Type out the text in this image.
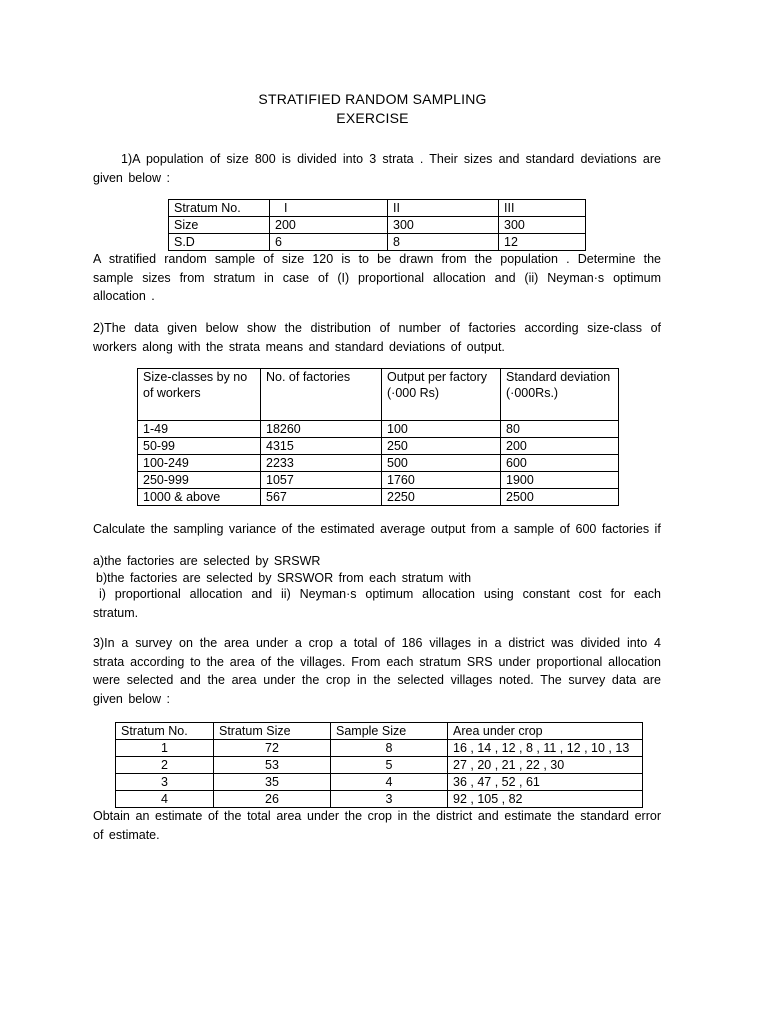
STRATIFIED RANDOM SAMPLING
EXERCISE
1)A population of size 800 is divided into 3 strata . Their sizes and standard deviations are given below :
Stratum No.	I	II	III
Size	200	300	300
S.D	6	8	12
A stratified random sample of size 120 is to be drawn from the population . Determine the sample sizes from stratum in case of (I) proportional allocation and (ii) Neyman·s optimum allocation .
2)The data given below show the distribution of number of factories according size-class of workers along with the strata means and standard deviations of output.
Size-classes by no of workers	No. of factories	Output per factory (·000 Rs)	Standard deviation (·000Rs.)
1-49	18260	100	80
50-99	4315	250	200
100-249	2233	500	600
250-999	1057	1760	1900
1000 & above	567	2250	2500
Calculate the sampling variance of the estimated average output from a sample of 600 factories if
a)the factories are selected by SRSWR
b)the factories are selected by SRSWOR from each stratum with
i) proportional allocation and ii) Neyman·s optimum allocation using constant cost for each stratum.
3)In a survey on the area under a crop a total of 186 villages in a district was divided into 4 strata according to the area of the villages. From each stratum SRS under proportional allocation were selected and the area under the crop in the selected villages noted. The survey data are given below :
Stratum No.	Stratum Size	Sample Size	Area under crop
1	72	8	16 , 14 , 12 , 8 , 11 , 12 , 10 , 13
2	53	5	27 , 20 , 21 , 22 , 30
3	35	4	36 , 47 , 52 , 61
4	26	3	92 , 105 , 82
Obtain an estimate of the total area under the crop in the district and estimate the standard error of estimate.
